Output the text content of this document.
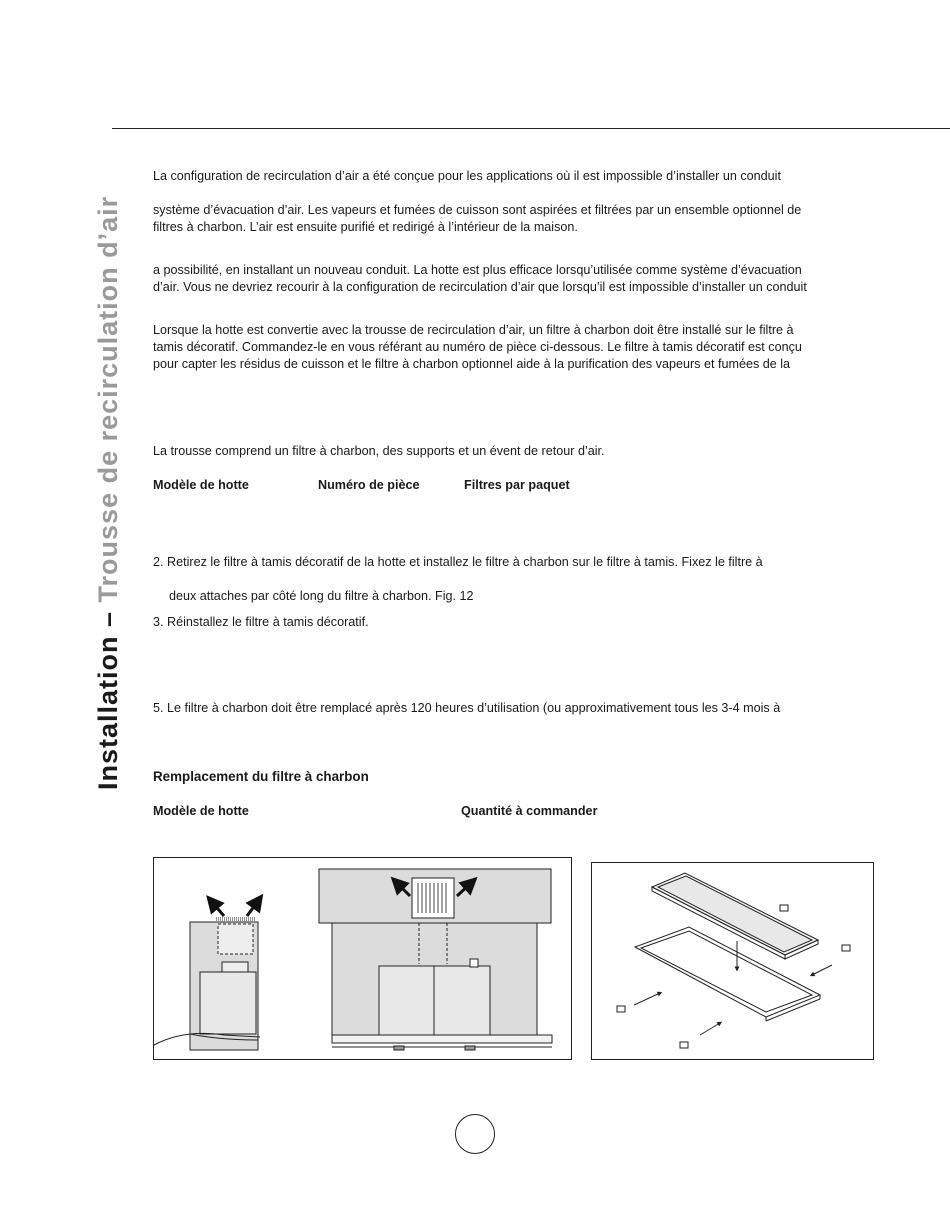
Installation – Trousse de recirculation d’air
La configuration de recirculation d’air a été conçue pour les applications où il est impossible d’installer un conduit
système d’évacuation d’air. Les vapeurs et fumées de cuisson sont aspirées et filtrées par un ensemble optionnel de
filtres à charbon. L’air est ensuite purifié et redirigé à l’intérieur de la maison.
a possibilité, en installant un nouveau conduit. La hotte est plus efficace lorsqu’utilisée comme système d’évacuation
d’air. Vous ne devriez recourir à la configuration de recirculation d’air que lorsqu’il est impossible d’installer un conduit
Lorsque la hotte est convertie avec la trousse de recirculation d’air, un filtre à charbon doit être installé sur le filtre à
tamis décoratif. Commandez-le en vous référant au numéro de pièce ci-dessous. Le filtre à tamis décoratif est conçu
pour capter les résidus de cuisson et le filtre à charbon optionnel aide à la purification des vapeurs et fumées de la
La trousse comprend un filtre à charbon, des supports et un évent de retour d’air.
Modèle de hotte	Numéro de pièce	Filtres par paquet
2. Retirez le filtre à tamis décoratif de la hotte et installez le filtre à charbon sur le filtre à tamis. Fixez le filtre à
deux attaches par côté long du filtre à charbon. Fig. 12
3. Réinstallez le filtre à tamis décoratif.
5. Le filtre à charbon doit être remplacé après 120 heures d’utilisation (ou approximativement tous les 3-4 mois à
Remplacement du filtre à charbon
Modèle de hotte	Quantité à commander
